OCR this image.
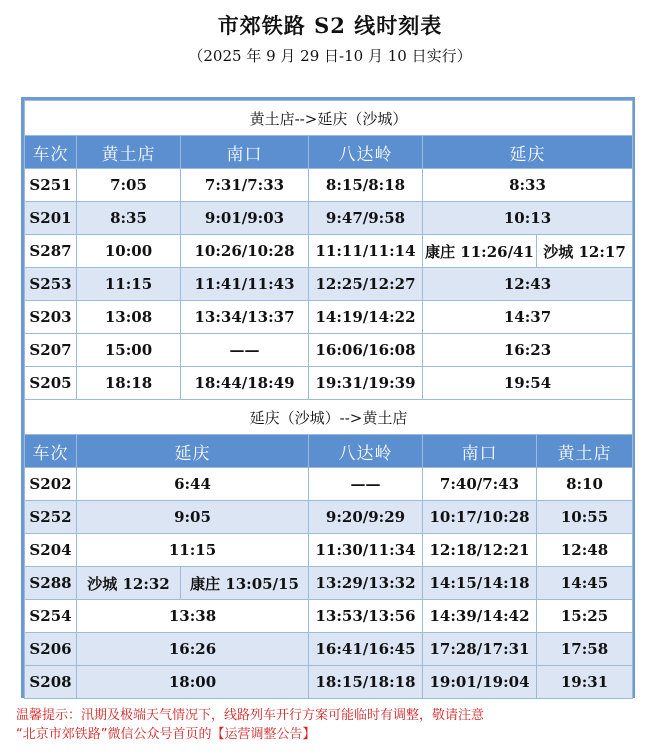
市郊铁路 S2 线时刻表
（2025 年 9 月 29 日-10 月 10 日实行）
黄土店-->延庆（沙城）					
车次	黄土店	南口	八达岭	延庆	
S251	7:05	7:31/7:33	8:15/8:18	8:33	
S201	8:35	9:01/9:03	9:47/9:58	10:13	
S287	10:00	10:26/10:28	11:11/11:14	康庄 11:26/41	沙城 12:17
S253	11:15	11:41/11:43	12:25/12:27	12:43	
S203	13:08	13:34/13:37	14:19/14:22	14:37	
S207	15:00	——	16:06/16:08	16:23	
S205	18:18	18:44/18:49	19:31/19:39	19:54	
延庆（沙城）-->黄土店					
车次	延庆		八达岭	南口	黄土店
S202	6:44		——	7:40/7:43	8:10
S252	9:05		9:20/9:29	10:17/10:28	10:55
S204	11:15		11:30/11:34	12:18/12:21	12:48
S288	沙城 12:32	康庄 13:05/15	13:29/13:32	14:15/14:18	14:45
S254	13:38		13:53/13:56	14:39/14:42	15:25
S206	16:26		16:41/16:45	17:28/17:31	17:58
S208	18:00		18:15/18:18	19:01/19:04	19:31
温馨提示：汛期及极端天气情况下，线路列车开行方案可能临时有调整，敬请注意
“北京市郊铁路”微信公众号首页的【运营调整公告】
